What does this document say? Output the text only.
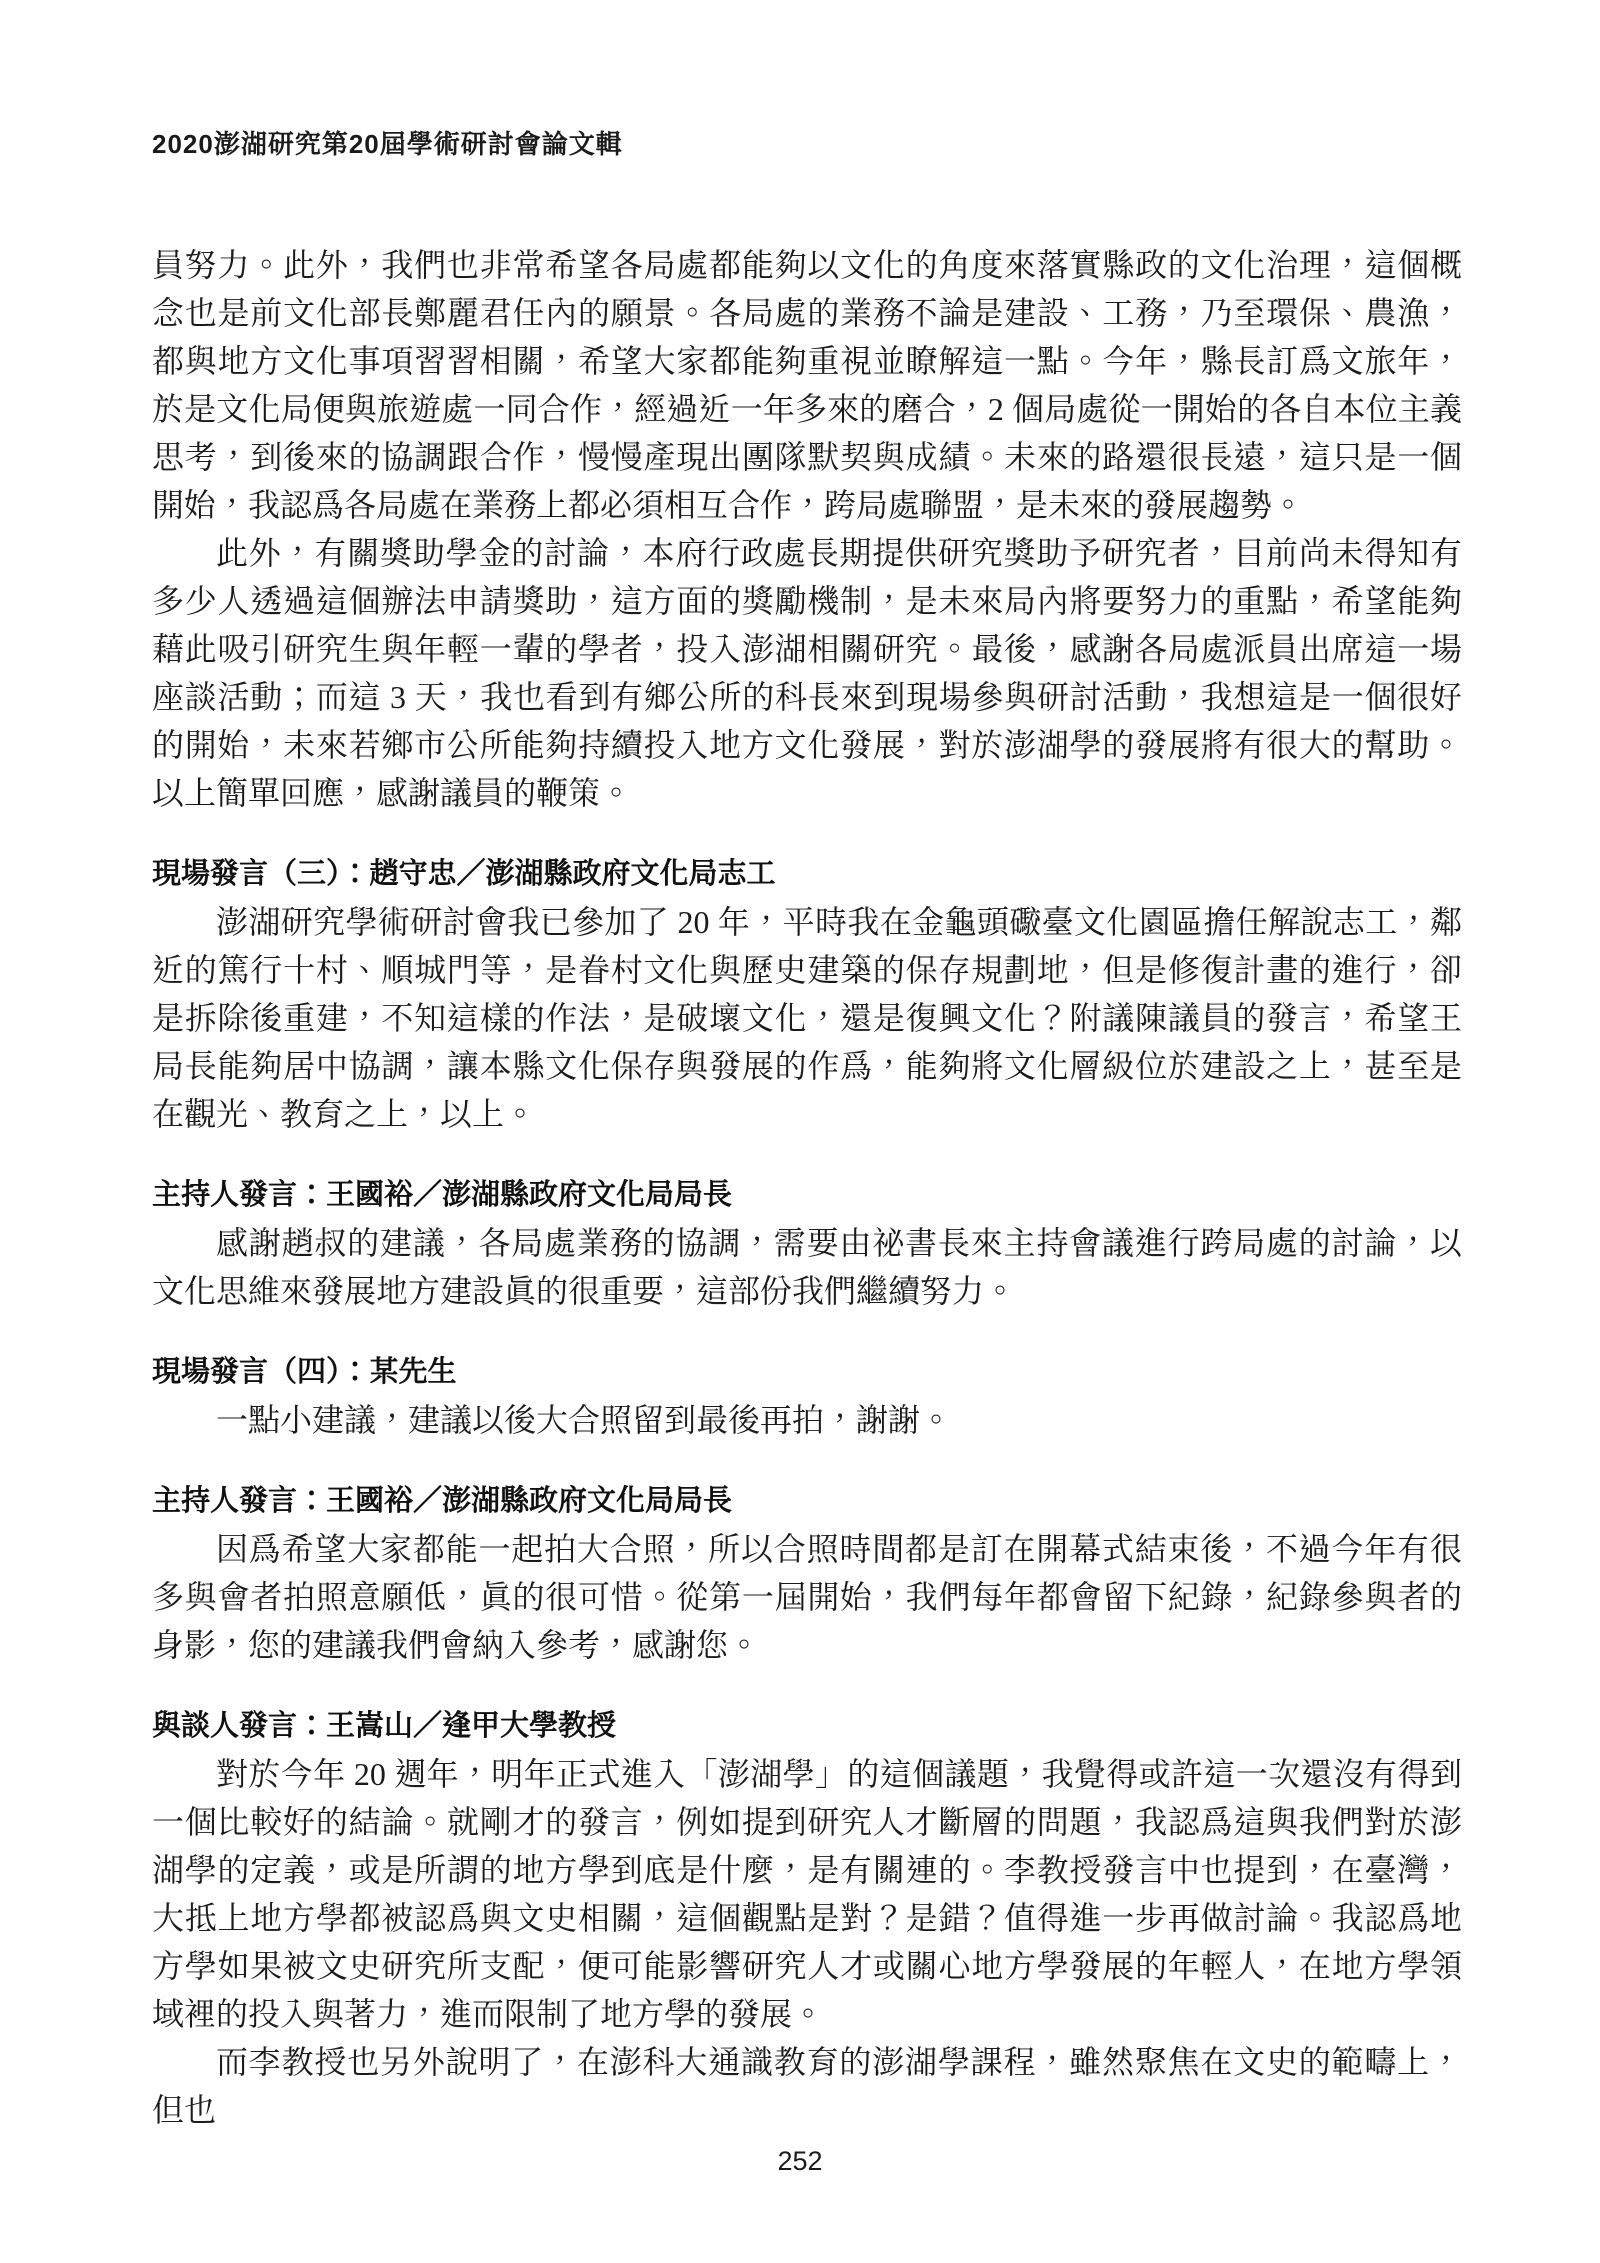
2020澎湖研究第20屆學術研討會論文輯

員努力。此外，我們也非常希望各局處都能夠以文化的角度來落實縣政的文化治理，這個概念也是前文化部長鄭麗君任內的願景。各局處的業務不論是建設、工務，乃至環保、農漁，都與地方文化事項習習相關，希望大家都能夠重視並瞭解這一點。今年，縣長訂爲文旅年，於是文化局便與旅遊處一同合作，經過近一年多來的磨合，2 個局處從一開始的各自本位主義思考，到後來的協調跟合作，慢慢產現出團隊默契與成績。未來的路還很長遠，這只是一個開始，我認爲各局處在業務上都必須相互合作，跨局處聯盟，是未來的發展趨勢。

此外，有關獎助學金的討論，本府行政處長期提供研究獎助予研究者，目前尚未得知有多少人透過這個辦法申請獎助，這方面的獎勵機制，是未來局內將要努力的重點，希望能夠藉此吸引研究生與年輕一輩的學者，投入澎湖相關研究。最後，感謝各局處派員出席這一場座談活動；而這 3 天，我也看到有鄉公所的科長來到現場參與研討活動，我想這是一個很好的開始，未來若鄉市公所能夠持續投入地方文化發展，對於澎湖學的發展將有很大的幫助。以上簡單回應，感謝議員的鞭策。

現場發言（三）：趙守忠／澎湖縣政府文化局志工

澎湖研究學術研討會我已參加了 20 年，平時我在金龜頭礮臺文化園區擔任解說志工，鄰近的篤行十村、順城門等，是眷村文化與歷史建築的保存規劃地，但是修復計畫的進行，卻是拆除後重建，不知這樣的作法，是破壞文化，還是復興文化？附議陳議員的發言，希望王局長能夠居中協調，讓本縣文化保存與發展的作爲，能夠將文化層級位於建設之上，甚至是在觀光、教育之上，以上。

主持人發言：王國裕／澎湖縣政府文化局局長

感謝趙叔的建議，各局處業務的協調，需要由祕書長來主持會議進行跨局處的討論，以文化思維來發展地方建設眞的很重要，這部份我們繼續努力。

現場發言（四）：某先生

一點小建議，建議以後大合照留到最後再拍，謝謝。

主持人發言：王國裕／澎湖縣政府文化局局長

因爲希望大家都能一起拍大合照，所以合照時間都是訂在開幕式結束後，不過今年有很多與會者拍照意願低，眞的很可惜。從第一屆開始，我們每年都會留下紀錄，紀錄參與者的身影，您的建議我們會納入參考，感謝您。

與談人發言：王嵩山／逢甲大學教授

對於今年 20 週年，明年正式進入「澎湖學」的這個議題，我覺得或許這一次還沒有得到一個比較好的結論。就剛才的發言，例如提到研究人才斷層的問題，我認爲這與我們對於澎湖學的定義，或是所謂的地方學到底是什麼，是有關連的。李教授發言中也提到，在臺灣，大抵上地方學都被認爲與文史相關，這個觀點是對？是錯？值得進一步再做討論。我認爲地方學如果被文史研究所支配，便可能影響研究人才或關心地方學發展的年輕人，在地方學領域裡的投入與著力，進而限制了地方學的發展。

而李教授也另外說明了，在澎科大通識教育的澎湖學課程，雖然聚焦在文史的範疇上，但也

252
